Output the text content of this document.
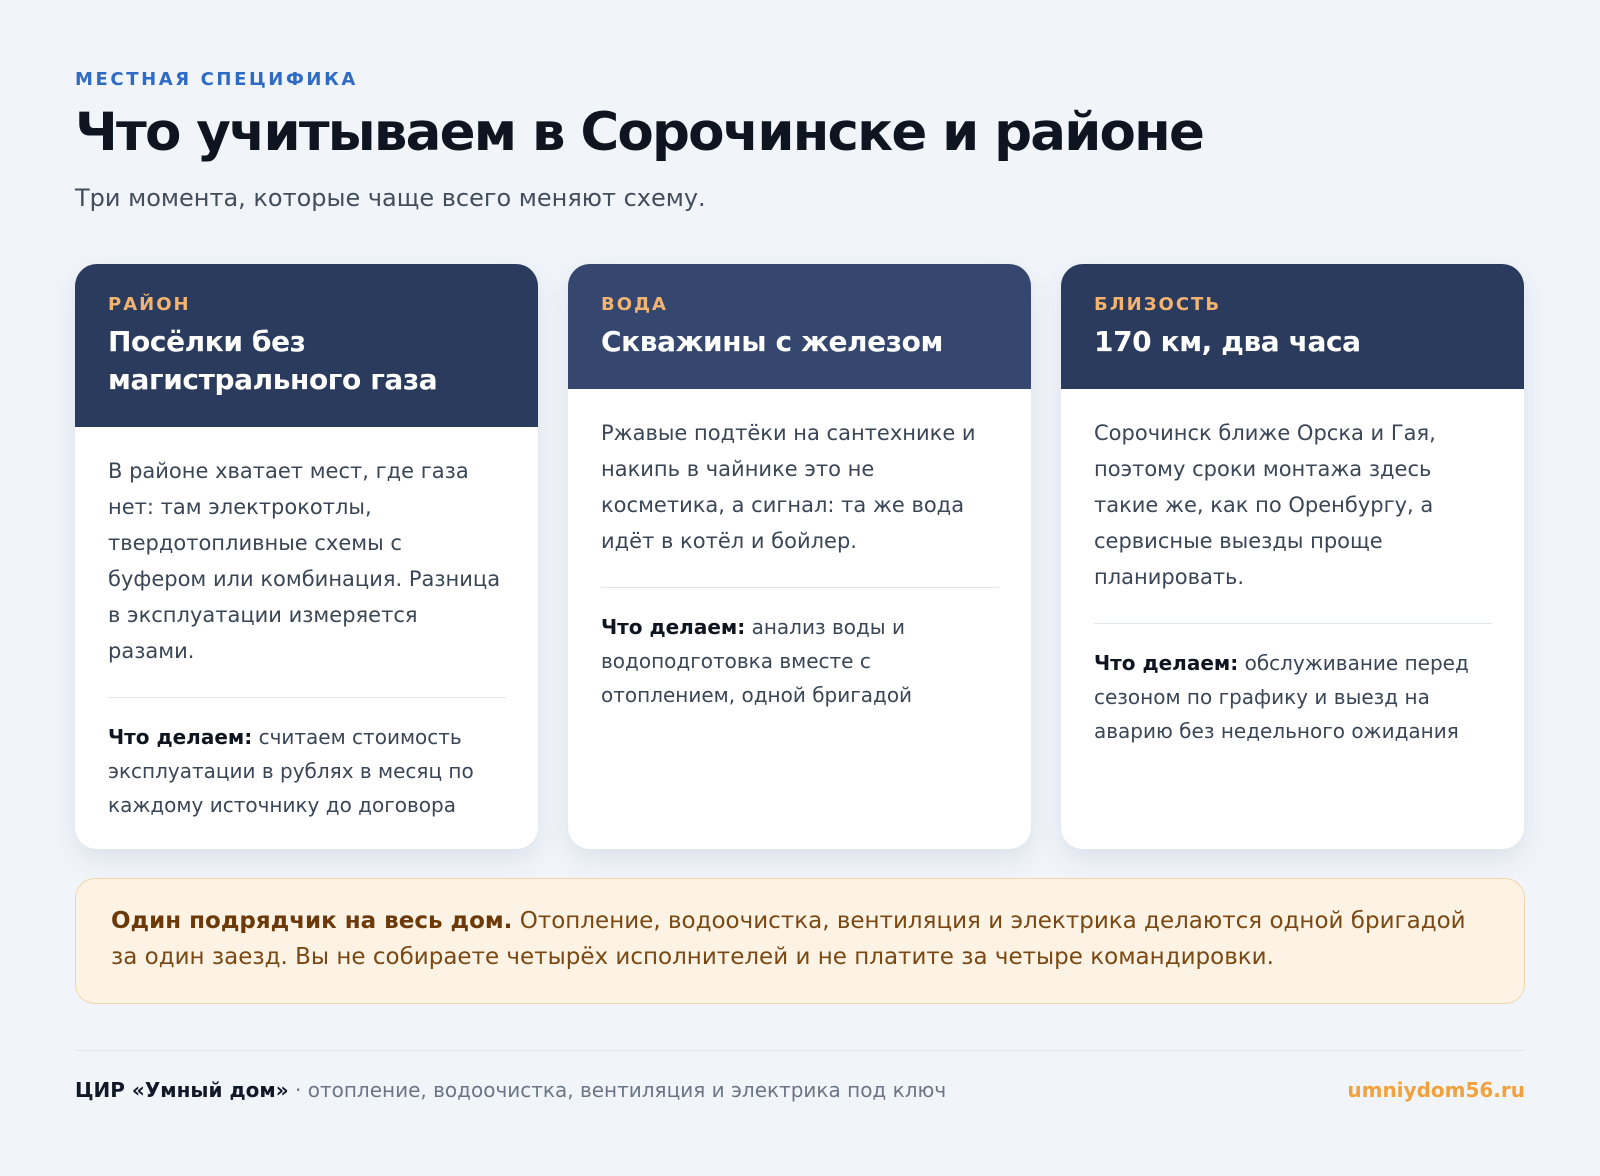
МЕСТНАЯ СПЕЦИФИКА
Что учитываем в Сорочинске и районе
Три момента, которые чаще всего меняют схему.
РАЙОН
Посёлки без магистрального газа
В районе хватает мест, где газа нет: там электрокотлы, твердотопливные схемы с буфером или комбинация. Разница в эксплуатации измеряется разами.
Что делаем: считаем стоимость эксплуатации в рублях в месяц по каждому источнику до договора
ВОДА
Скважины с железом
Ржавые подтёки на сантехнике и накипь в чайнике это не косметика, а сигнал: та же вода идёт в котёл и бойлер.
Что делаем: анализ воды и водоподготовка вместе с отоплением, одной бригадой
БЛИЗОСТЬ
170 км, два часа
Сорочинск ближе Орска и Гая, поэтому сроки монтажа здесь такие же, как по Оренбургу, а сервисные выезды проще планировать.
Что делаем: обслуживание перед сезоном по графику и выезд на аварию без недельного ожидания
Один подрядчик на весь дом. Отопление, водоочистка, вентиляция и электрика делаются одной бригадой за один заезд. Вы не собираете четырёх исполнителей и не платите за четыре командировки.
ЦИР «Умный дом» · отопление, водоочистка, вентиляция и электрика под ключ	umniydom56.ru
